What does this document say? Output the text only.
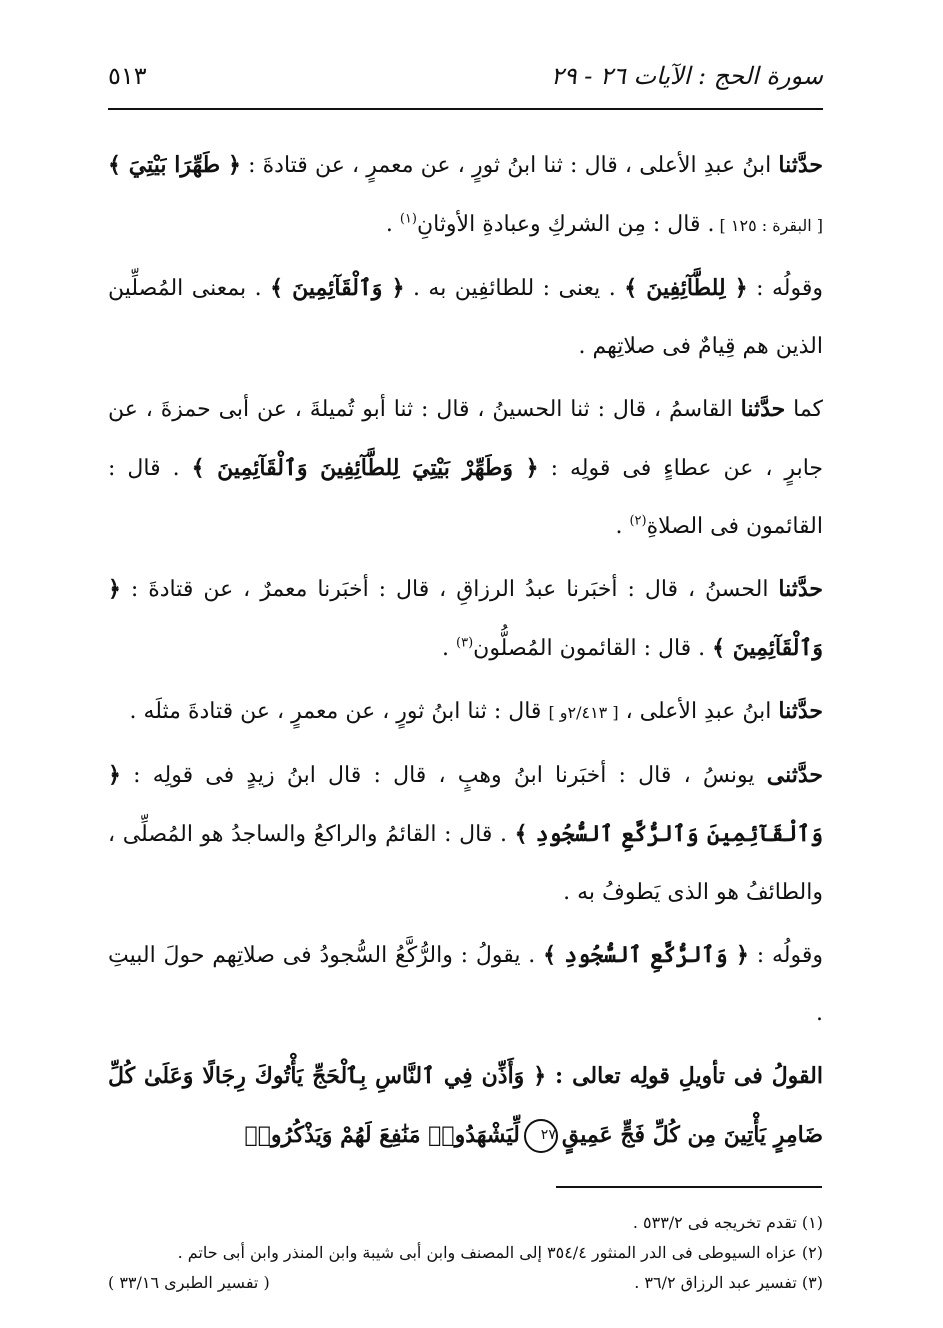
سورة الحج : الآيات ٢٦ - ٢٩
٥١٣

حدَّثنا ابنُ عبدِ الأعلى ، قال : ثنا ابنُ ثورٍ ، عن معمرٍ ، عن قتادةَ : ﴿ طَهِّرَا بَيْتِيَ ﴾ [ البقرة : ١٢٥ ] . قال : مِن الشركِ وعبادةِ الأوثانِ$^{(١)}$ .

وقولُه : ﴿ لِلطَّآئِفِينَ ﴾ . يعنى : للطائفِين به . ﴿ وَٱلْقَآئِمِينَ ﴾ . بمعنى المُصلِّين الذين هم قِيامٌ فى صلاتِهم .

كما حدَّثنا القاسمُ ، قال : ثنا الحسينُ ، قال : ثنا أبو تُميلةَ ، عن أبى حمزةَ ، عن جابرٍ ، عن عطاءٍ فى قولِه : ﴿ وَطَهِّرْ بَيْتِيَ لِلطَّآئِفِينَ وَٱلْقَآئِمِينَ ﴾ . قال : القائمون فى الصلاةِ$^{(٢)}$ .

حدَّثنا الحسنُ ، قال : أخبَرنا عبدُ الرزاقِ ، قال : أخبَرنا معمرٌ ، عن قتادةَ : ﴿ وَٱلْقَآئِمِينَ ﴾ . قال : القائمون المُصلُّون$^{(٣)}$ .

حدَّثنا ابنُ عبدِ الأعلى ، [ ٢/٤١٣و ] قال : ثنا ابنُ ثورٍ ، عن معمرٍ ، عن قتادةَ مثلَه .

حدَّثنى يونسُ ، قال : أخبَرنا ابنُ وهبٍ ، قال : قال ابنُ زيدٍ فى قولِه : ﴿ وَٱلْقَآئِمِينَ وَٱلرُّكَّعِ ٱلسُّجُودِ ﴾ . قال : القائمُ والراكعُ والساجدُ هو المُصلِّى ، والطائفُ هو الذى يَطوفُ به .

وقولُه : ﴿ وَٱلرُّكَّعِ ٱلسُّجُودِ ﴾ . يقولُ : والرُّكَّعُ السُّجودُ فى صلاتِهم حولَ البيتِ .

القولُ فى تأويلِ قولِه تعالى : ﴿ وَأَذِّن فِي ٱلنَّاسِ بِٱلْحَجِّ يَأْتُوكَ رِجَالًا وَعَلَىٰ كُلِّ ضَامِرٍ يَأْتِينَ مِن كُلِّ فَجٍّ عَمِيقٍ٢٧لِّيَشْهَدُوا۟ مَنَٰفِعَ لَهُمْ وَيَذْكُرُوا۟

(١) تقدم تخريجه فى ٥٣٣/٢ .
(٢) عزاه السيوطى فى الدر المنثور ٣٥٤/٤ إلى المصنف وابن أبى شيبة وابن المنذر وابن أبى حاتم .
(٣) تفسير عبد الرزاق ٣٦/٢ .
( تفسير الطبرى ٣٣/١٦ )
